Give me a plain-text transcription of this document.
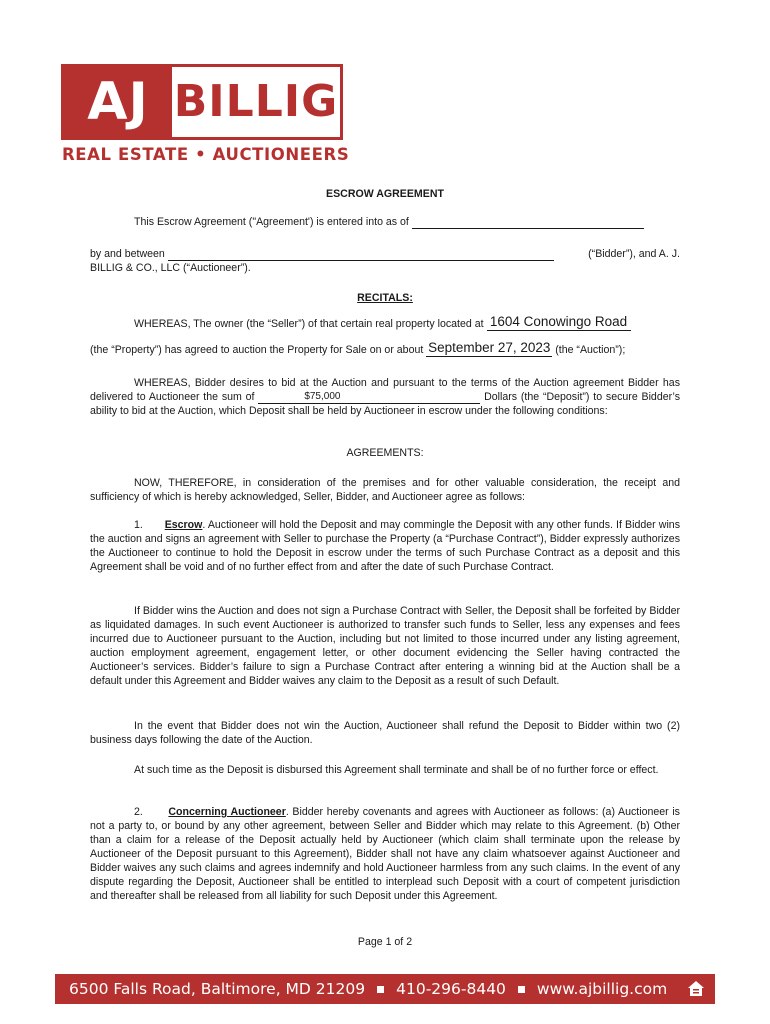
AJ BILLIG
REAL ESTATE • AUCTIONEERS
ESCROW AGREEMENT
This Escrow Agreement ("Agreement') is entered into as of
by and between	(“Bidder”), and A. J.
BILLIG & CO., LLC (“Auctioneer”).
RECITALS:
WHEREAS, The owner (the “Seller”) of that certain real property located at 1604 Conowingo Road
(the “Property”) has agreed to auction the Property for Sale on or about September 27, 2023 (the “Auction”);
WHEREAS, Bidder desires to bid at the Auction and pursuant to the terms of the Auction agreement Bidder has delivered to Auctioneer the sum of	$75,000	Dollars (the “Deposit”) to secure Bidder’s ability to bid at the Auction, which Deposit shall be held by Auctioneer in escrow under the following conditions:
AGREEMENTS:
NOW, THEREFORE, in consideration of the premises and for other valuable consideration, the receipt and sufficiency of which is hereby acknowledged, Seller, Bidder, and Auctioneer agree as follows:
1. Escrow. Auctioneer will hold the Deposit and may commingle the Deposit with any other funds. If Bidder wins the auction and signs an agreement with Seller to purchase the Property (a “Purchase Contract”), Bidder expressly authorizes the Auctioneer to continue to hold the Deposit in escrow under the terms of such Purchase Contract as a deposit and this Agreement shall be void and of no further effect from and after the date of such Purchase Contract.
If Bidder wins the Auction and does not sign a Purchase Contract with Seller, the Deposit shall be forfeited by Bidder as liquidated damages. In such event Auctioneer is authorized to transfer such funds to Seller, less any expenses and fees incurred due to Auctioneer pursuant to the Auction, including but not limited to those incurred under any listing agreement, auction employment agreement, engagement letter, or other document evidencing the Seller having contracted the Auctioneer’s services. Bidder’s failure to sign a Purchase Contract after entering a winning bid at the Auction shall be a default under this Agreement and Bidder waives any claim to the Deposit as a result of such Default.
In the event that Bidder does not win the Auction, Auctioneer shall refund the Deposit to Bidder within two (2) business days following the date of the Auction.
At such time as the Deposit is disbursed this Agreement shall terminate and shall be of no further force or effect.
2. Concerning Auctioneer. Bidder hereby covenants and agrees with Auctioneer as follows: (a) Auctioneer is not a party to, or bound by any other agreement, between Seller and Bidder which may relate to this Agreement. (b) Other than a claim for a release of the Deposit actually held by Auctioneer (which claim shall terminate upon the release by Auctioneer of the Deposit pursuant to this Agreement), Bidder shall not have any claim whatsoever against Auctioneer and Bidder waives any such claims and agrees indemnify and hold Auctioneer harmless from any such claims. In the event of any dispute regarding the Deposit, Auctioneer shall be entitled to interplead such Deposit with a court of competent jurisdiction and thereafter shall be released from all liability for such Deposit under this Agreement.
Page 1 of 2
6500 Falls Road, Baltimore, MD 21209 410-296-8440 www.ajbillig.com
